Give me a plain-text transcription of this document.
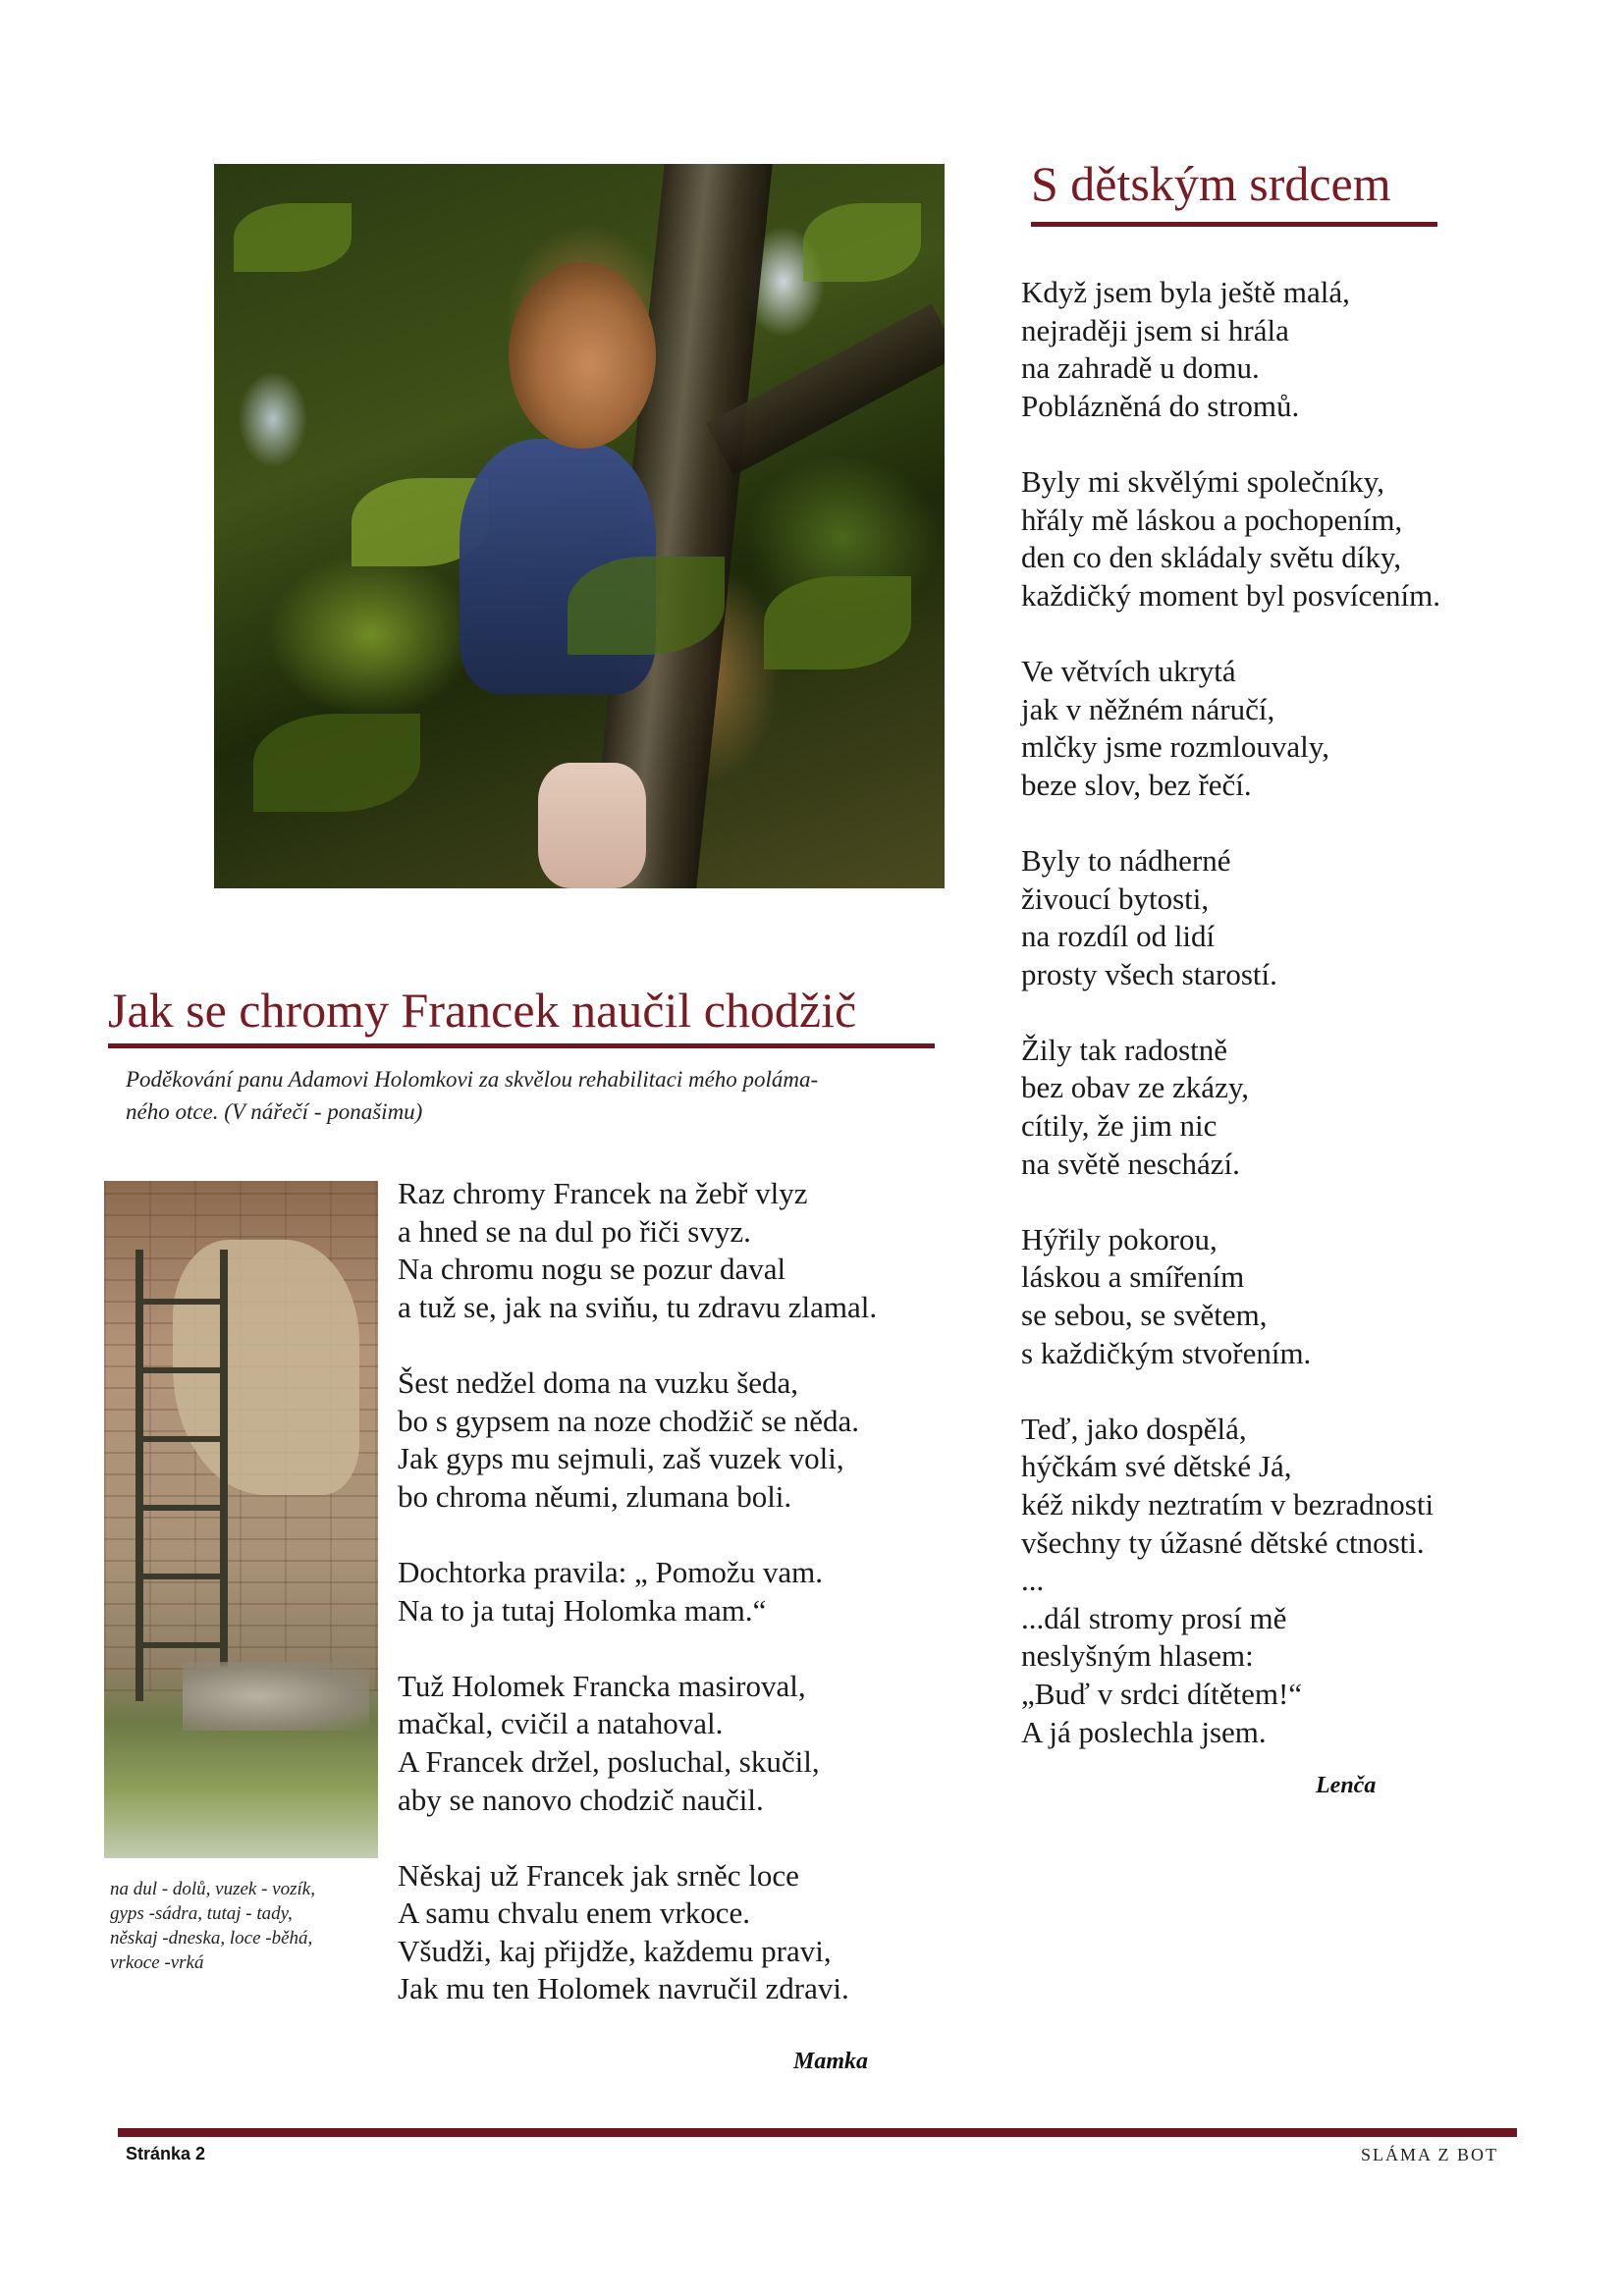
S dětským srdcem
Když jsem byla ještě malá,
nejraději jsem si hrála
na zahradě u domu.
Poblázněná do stromů.
Byly mi skvělými společníky,
hřály mě láskou a pochopením,
den co den skládaly světu díky,
každičký moment byl posvícením.
Ve větvích ukrytá
jak v něžném náručí,
mlčky jsme rozmlouvaly,
beze slov, bez řečí.
Byly to nádherné
živoucí bytosti,
na rozdíl od lidí
prosty všech starostí.
Žily tak radostně
bez obav ze zkázy,
cítily, že jim nic
na světě neschází.
Hýřily pokorou,
láskou a smířením
se sebou, se světem,
s každičkým stvořením.
Teď, jako dospělá,
hýčkám své dětské Já,
kéž nikdy neztratím v bezradnosti
všechny ty úžasné dětské ctnosti.
...
...dál stromy prosí mě
neslyšným hlasem:
„Buď v srdci dítětem!“
A já poslechla jsem.
Lenča
Jak se chromy Francek naučil chodžič
Poděkování panu Adamovi Holomkovi za skvělou rehabilitaci mého poláma-
ného otce. (V nářečí - ponašimu)
Raz chromy Francek na žebř vlyz
a hned se na dul po řiči svyz.
Na chromu nogu se pozur daval
a tuž se, jak na sviňu, tu zdravu zlamal.
Šest nedžel doma na vuzku šeda,
bo s gypsem na noze chodžič se něda.
Jak gyps mu sejmuli, zaš vuzek voli,
bo chroma něumi, zlumana boli.
Dochtorka pravila: „ Pomožu vam.
Na to ja tutaj Holomka mam.“
Tuž Holomek Francka masiroval,
mačkal, cvičil a natahoval.
A Francek držel, posluchal, skučil,
aby se nanovo chodzič naučil.
Něskaj už Francek jak srněc loce
A samu chvalu enem vrkoce.
Všudži, kaj přijdže, každemu pravi,
Jak mu ten Holomek navručil zdravi.
na dul - dolů, vuzek - vozík,
gyps -sádra, tutaj - tady,
něskaj -dneska, loce -běhá,
vrkoce -vrká
Mamka
Stránka 2	SLÁMA Z BOT
